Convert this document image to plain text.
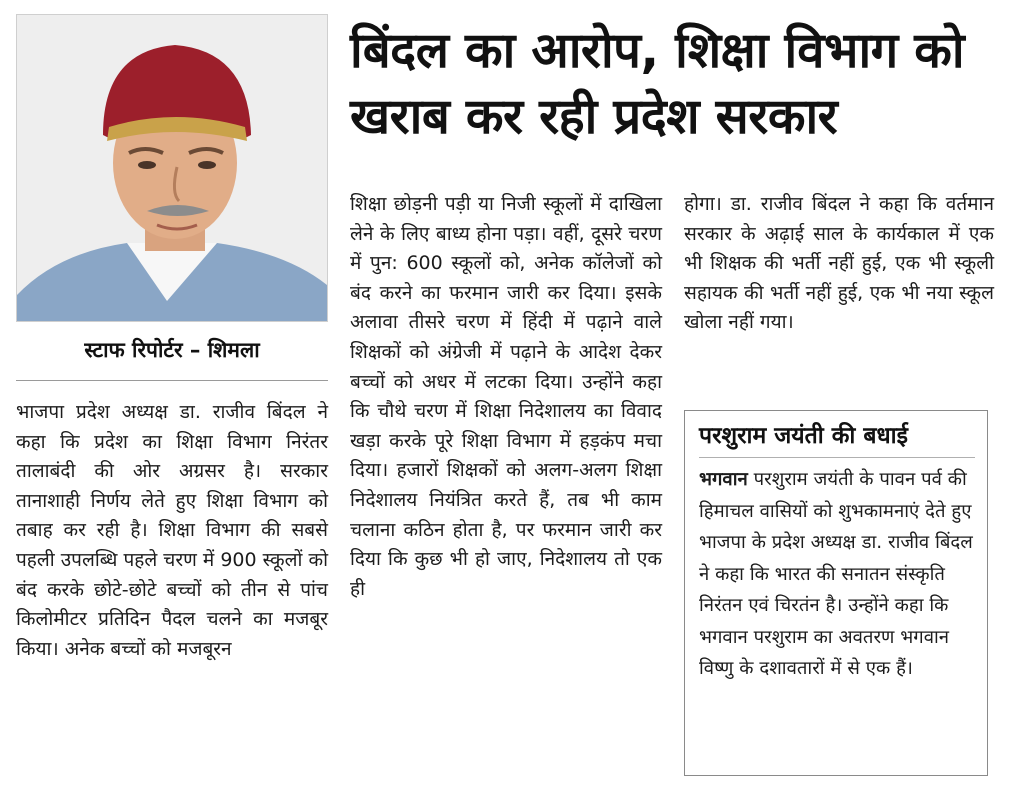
स्टाफ रिपोर्टर – शिमला
बिंदल का आरोप, शिक्षा विभाग को खराब कर रही प्रदेश सरकार
भाजपा प्रदेश अध्यक्ष डा. राजीव बिंदल ने कहा कि प्रदेश का शिक्षा विभाग निरंतर तालाबंदी की ओर अग्रसर है। सरकार तानाशाही निर्णय लेते हुए शिक्षा विभाग को तबाह कर रही है। शिक्षा विभाग की सबसे पहली उपलब्धि पहले चरण में 900 स्कूलों को बंद करके छोटे-छोटे बच्चों को तीन से पांच किलोमीटर प्रतिदिन पैदल चलने का मजबूर किया। अनेक बच्चों को मजबूरन
शिक्षा छोड़नी पड़ी या निजी स्कूलों में दाखिला लेने के लिए बाध्य होना पड़ा। वहीं, दूसरे चरण में पुन: 600 स्कूलों को, अनेक कॉलेजों को बंद करने का फरमान जारी कर दिया। इसके अलावा तीसरे चरण में हिंदी में पढ़ाने वाले शिक्षकों को अंग्रेजी में पढ़ाने के आदेश देकर बच्चों को अधर में लटका दिया। उन्होंने कहा कि चौथे चरण में शिक्षा निदेशालय का विवाद खड़ा करके पूरे शिक्षा विभाग में हड़कंप मचा दिया। हजारों शिक्षकों को अलग-अलग शिक्षा निदेशालय नियंत्रित करते हैं, तब भी काम चलाना कठिन होता है, पर फरमान जारी कर दिया कि कुछ भी हो जाए, निदेशालय तो एक ही
होगा। डा. राजीव बिंदल ने कहा कि वर्तमान सरकार के अढ़ाई साल के कार्यकाल में एक भी शिक्षक की भर्ती नहीं हुई, एक भी स्कूली सहायक की भर्ती नहीं हुई, एक भी नया स्कूल खोला नहीं गया।
परशुराम जयंती की बधाई
भगवान परशुराम जयंती के पावन पर्व की हिमाचल वासियों को शुभकामनाएं देते हुए भाजपा के प्रदेश अध्यक्ष डा. राजीव बिंदल ने कहा कि भारत की सनातन संस्कृति निरंतन एवं चिरतंन है। उन्होंने कहा कि भगवान परशुराम का अवतरण भगवान विष्णु के दशावतारों में से एक हैं।
